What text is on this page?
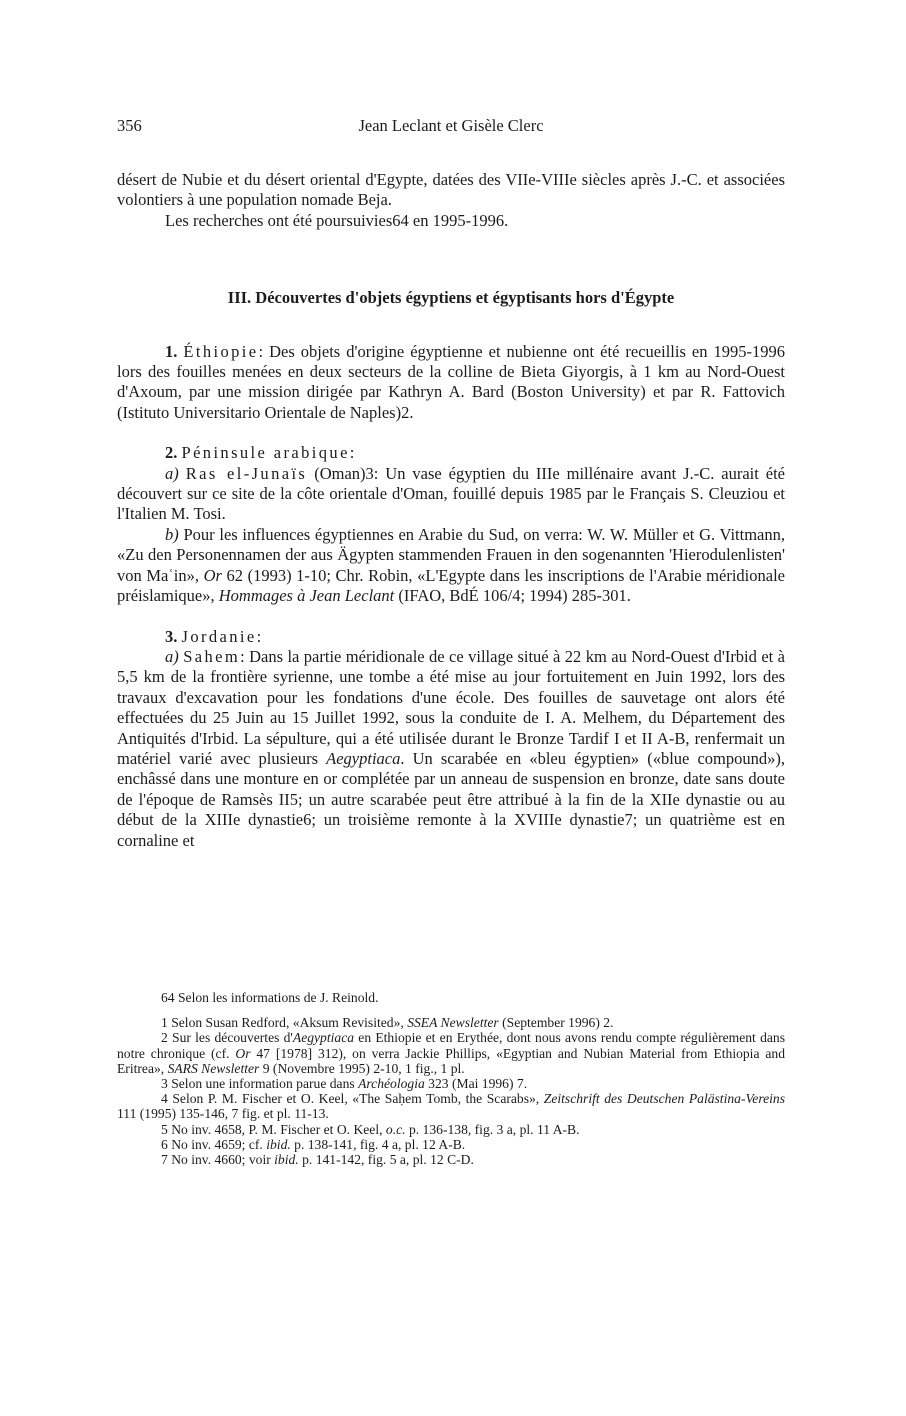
356	Jean Leclant et Gisèle Clerc

désert de Nubie et du désert oriental d'Egypte, datées des VIIe-VIIIe siècles après J.-C. et associées volontiers à une population nomade Beja.

Les recherches ont été poursuivies64 en 1995-1996.

III. Découvertes d'objets égyptiens et égyptisants hors d'Égypte

1. Éthiopie: Des objets d'origine égyptienne et nubienne ont été recueillis en 1995-1996 lors des fouilles menées en deux secteurs de la colline de Bieta Giyorgis, à 1 km au Nord-Ouest d'Axoum, par une mission dirigée par Kathryn A. Bard (Boston University) et par R. Fattovich (Istituto Universitario Orientale de Naples)2.

2. Péninsule arabique:

a) Ras el-Junaïs (Oman)3: Un vase égyptien du IIIe millénaire avant J.-C. aurait été découvert sur ce site de la côte orientale d'Oman, fouillé depuis 1985 par le Français S. Cleuziou et l'Italien M. Tosi.

b) Pour les influences égyptiennes en Arabie du Sud, on verra: W. W. Müller et G. Vittmann, «Zu den Personennamen der aus Ägypten stammenden Frauen in den sogenannten 'Hierodulenlisten' von Maʿin», Or 62 (1993) 1-10; Chr. Robin, «L'Egypte dans les inscriptions de l'Arabie méridionale préislamique», Hommages à Jean Leclant (IFAO, BdÉ 106/4; 1994) 285-301.

3. Jordanie:

a) Sahem: Dans la partie méridionale de ce village situé à 22 km au Nord-Ouest d'Irbid et à 5,5 km de la frontière syrienne, une tombe a été mise au jour fortuitement en Juin 1992, lors des travaux d'excavation pour les fondations d'une école. Des fouilles de sauvetage ont alors été effectuées du 25 Juin au 15 Juillet 1992, sous la conduite de I. A. Melhem, du Département des Antiquités d'Irbid. La sépulture, qui a été utilisée durant le Bronze Tardif I et II A-B, renfermait un matériel varié avec plusieurs Aegyptiaca. Un scarabée en «bleu égyptien» («blue compound»), enchâssé dans une monture en or complétée par un anneau de suspension en bronze, date sans doute de l'époque de Ramsès II5; un autre scarabée peut être attribué à la fin de la XIIe dynastie ou au début de la XIIIe dynastie6; un troisième remonte à la XVIIIe dynastie7; un quatrième est en cornaline et

64 Selon les informations de J. Reinold.

1 Selon Susan Redford, «Aksum Revisited», SSEA Newsletter (September 1996) 2.

2 Sur les découvertes d'Aegyptiaca en Ethiopie et en Erythée, dont nous avons rendu compte régulièrement dans notre chronique (cf. Or 47 [1978] 312), on verra Jackie Phillips, «Egyptian and Nubian Material from Ethiopia and Eritrea», SARS Newsletter 9 (Novembre 1995) 2-10, 1 fig., 1 pl.

3 Selon une information parue dans Archéologia 323 (Mai 1996) 7.

4 Selon P. M. Fischer et O. Keel, «The Saḥem Tomb, the Scarabs», Zeitschrift des Deutschen Palästina-Vereins 111 (1995) 135-146, 7 fig. et pl. 11-13.

5 No inv. 4658, P. M. Fischer et O. Keel, o.c. p. 136-138, fig. 3 a, pl. 11 A-B.

6 No inv. 4659; cf. ibid. p. 138-141, fig. 4 a, pl. 12 A-B.

7 No inv. 4660; voir ibid. p. 141-142, fig. 5 a, pl. 12 C-D.
